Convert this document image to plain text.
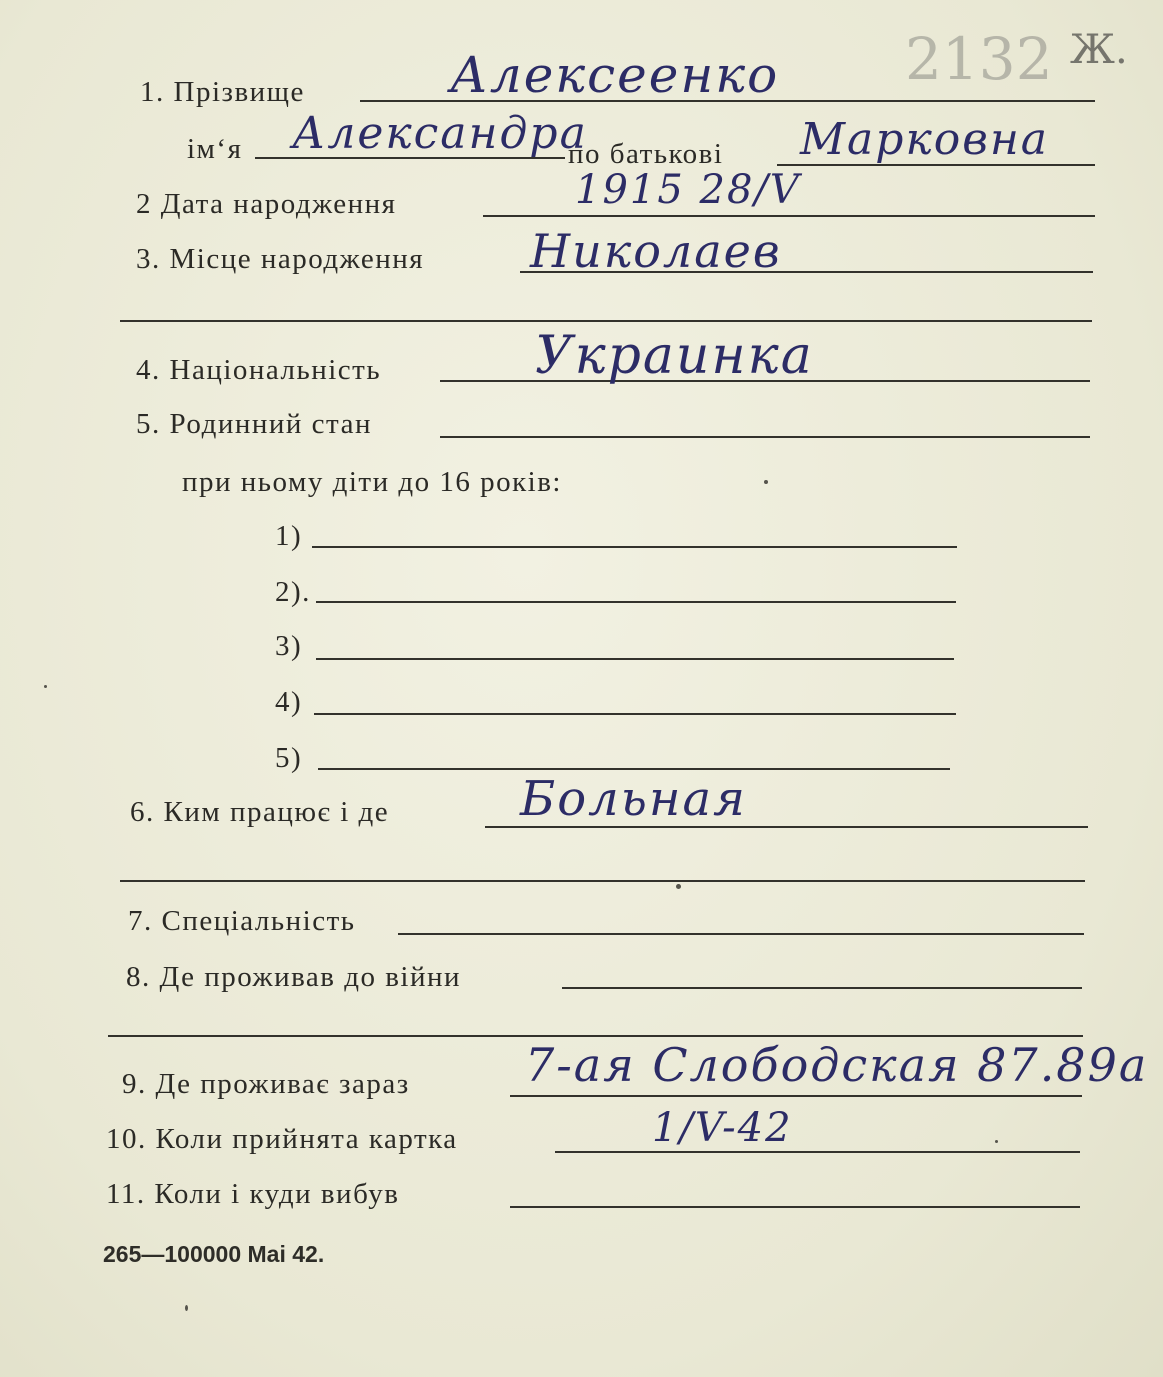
2132 Ж.
1. Прізвище	Алексеенко
ім‘я Александра
по батькові Марковна
2 Дата народження	1915 28/V
3. Місце народження Николаев
4. Національність	Украинка
5. Родинний стан
при ньому діти до 16 років:
1)
2).
3)
4)
5)
6. Ким працює і де	Больная
7. Спеціальність
8. Де проживав до війни
9. Де проживає зараз	7-ая Слободская 87.89а
10. Коли прийнята картка	1/V-42
11. Коли і куди вибув
265—100000 Mai 42.
